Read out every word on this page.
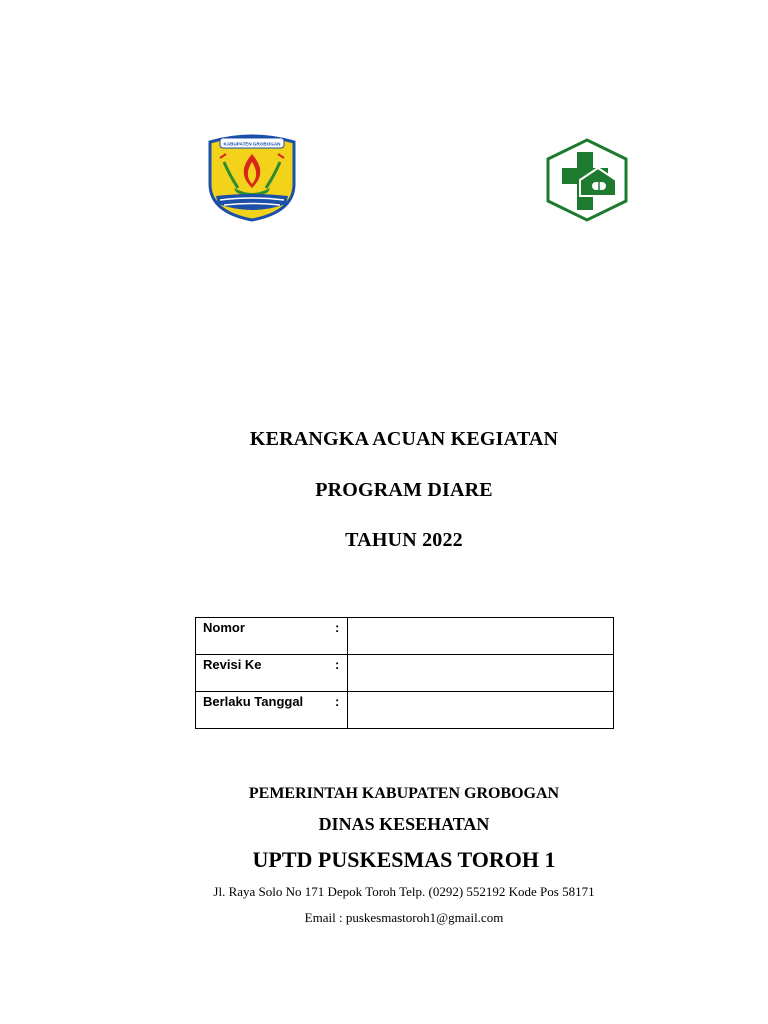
KABUPATEN GROBOGAN
KERANGKA ACUAN KEGIATAN
PROGRAM DIARE
TAHUN 2022
Nomor :	

Revisi Ke :	

Berlaku Tanggal :	

PEMERINTAH KABUPATEN GROBOGAN
DINAS KESEHATAN
UPTD PUSKESMAS TOROH 1
Jl. Raya Solo No 171 Depok Toroh Telp. (0292) 552192 Kode Pos 58171
Email : puskesmastoroh1@gmail.com
